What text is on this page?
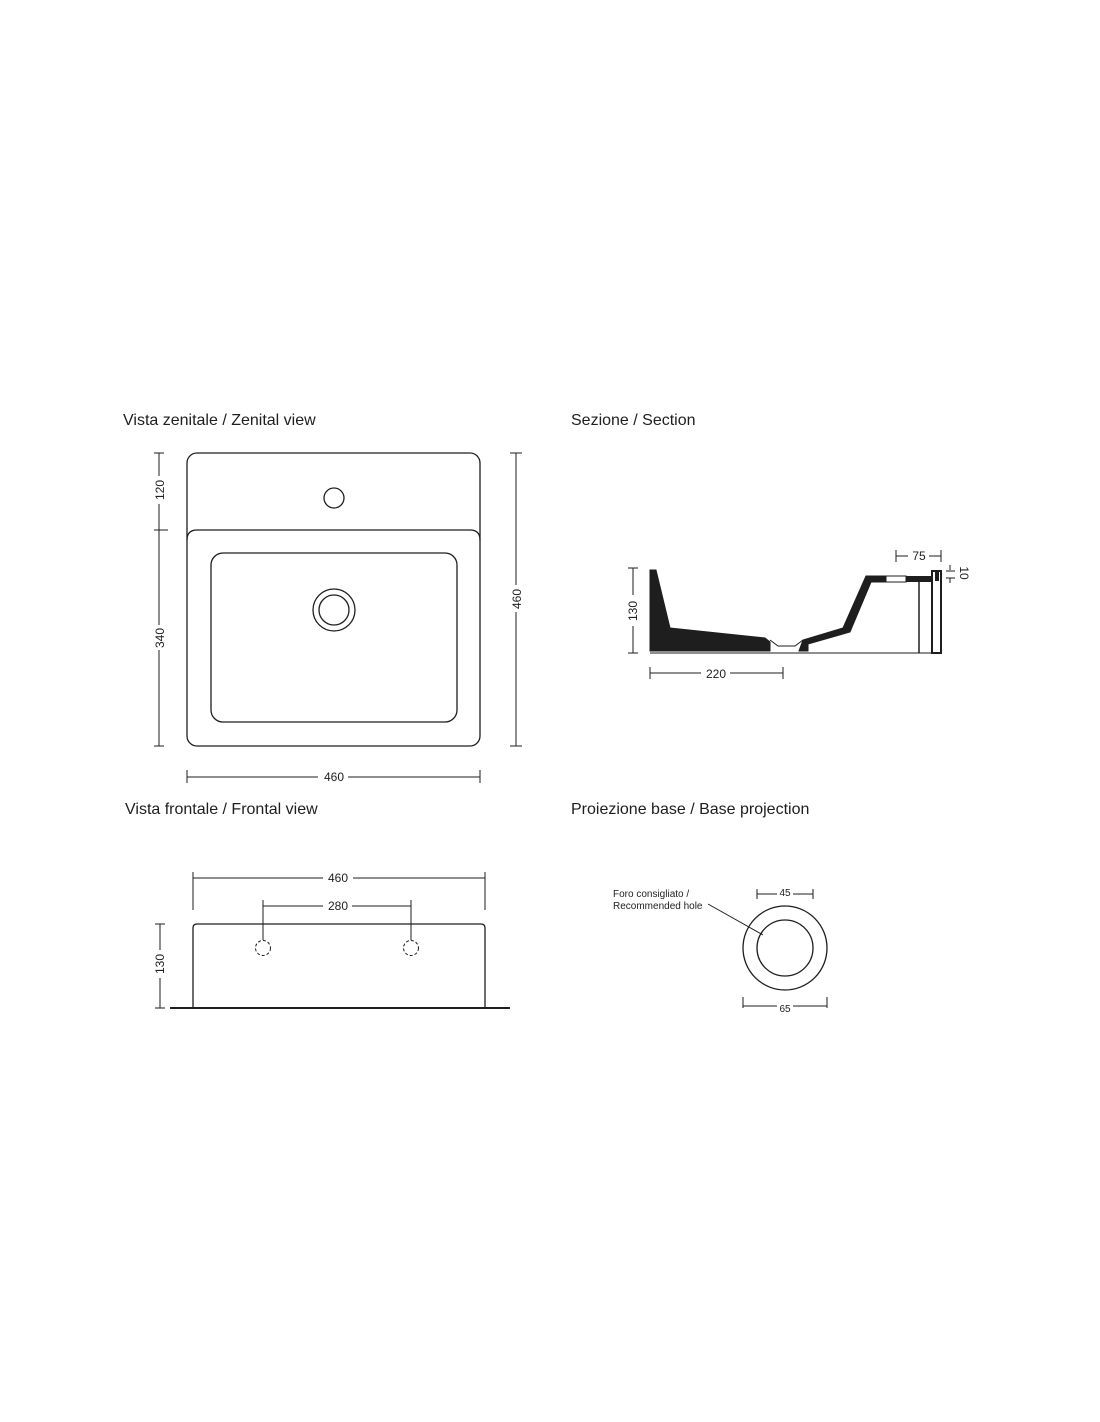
Vista zenitale / Zenital view	Sezione / Section
Vista frontale / Frontal view	Proiezione base / Base projection
120
340
460
460
130
220
75
10
460
280
130
45
65
Foro consigliato /
Recommended hole
